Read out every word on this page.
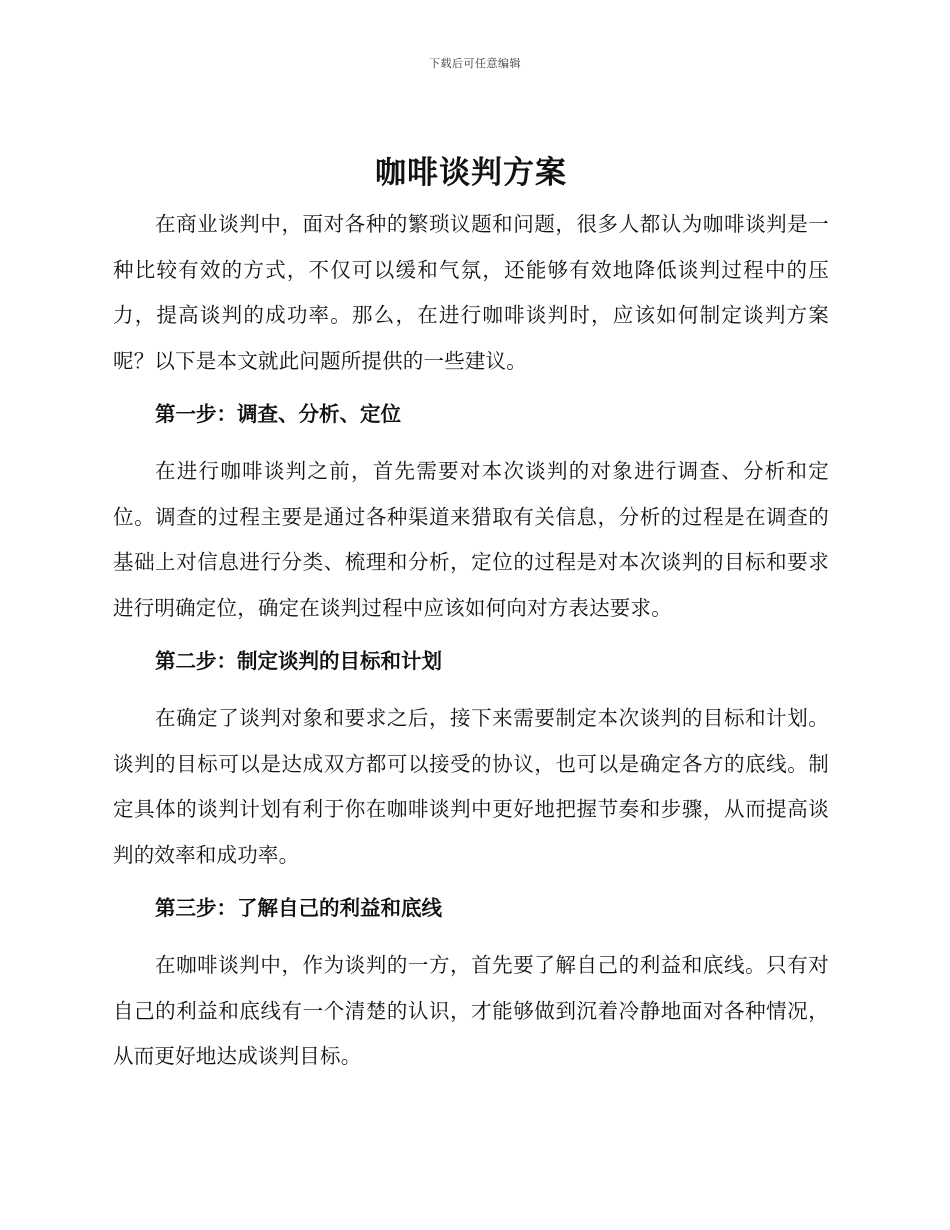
下载后可任意编辑
咖啡谈判方案

在商业谈判中，面对各种的繁琐议题和问题，很多人都认为咖啡谈判是一种比较有效的方式，不仅可以缓和气氛，还能够有效地降低谈判过程中的压力，提高谈判的成功率。那么，在进行咖啡谈判时，应该如何制定谈判方案呢？以下是本文就此问题所提供的一些建议。

第一步：调查、分析、定位

在进行咖啡谈判之前，首先需要对本次谈判的对象进行调查、分析和定位。调查的过程主要是通过各种渠道来猎取有关信息，分析的过程是在调查的基础上对信息进行分类、梳理和分析，定位的过程是对本次谈判的目标和要求进行明确定位，确定在谈判过程中应该如何向对方表达要求。

第二步：制定谈判的目标和计划

在确定了谈判对象和要求之后，接下来需要制定本次谈判的目标和计划。谈判的目标可以是达成双方都可以接受的协议，也可以是确定各方的底线。制定具体的谈判计划有利于你在咖啡谈判中更好地把握节奏和步骤，从而提高谈判的效率和成功率。

第三步：了解自己的利益和底线

在咖啡谈判中，作为谈判的一方，首先要了解自己的利益和底线。只有对自己的利益和底线有一个清楚的认识，才能够做到沉着冷静地面对各种情况，从而更好地达成谈判目标。
